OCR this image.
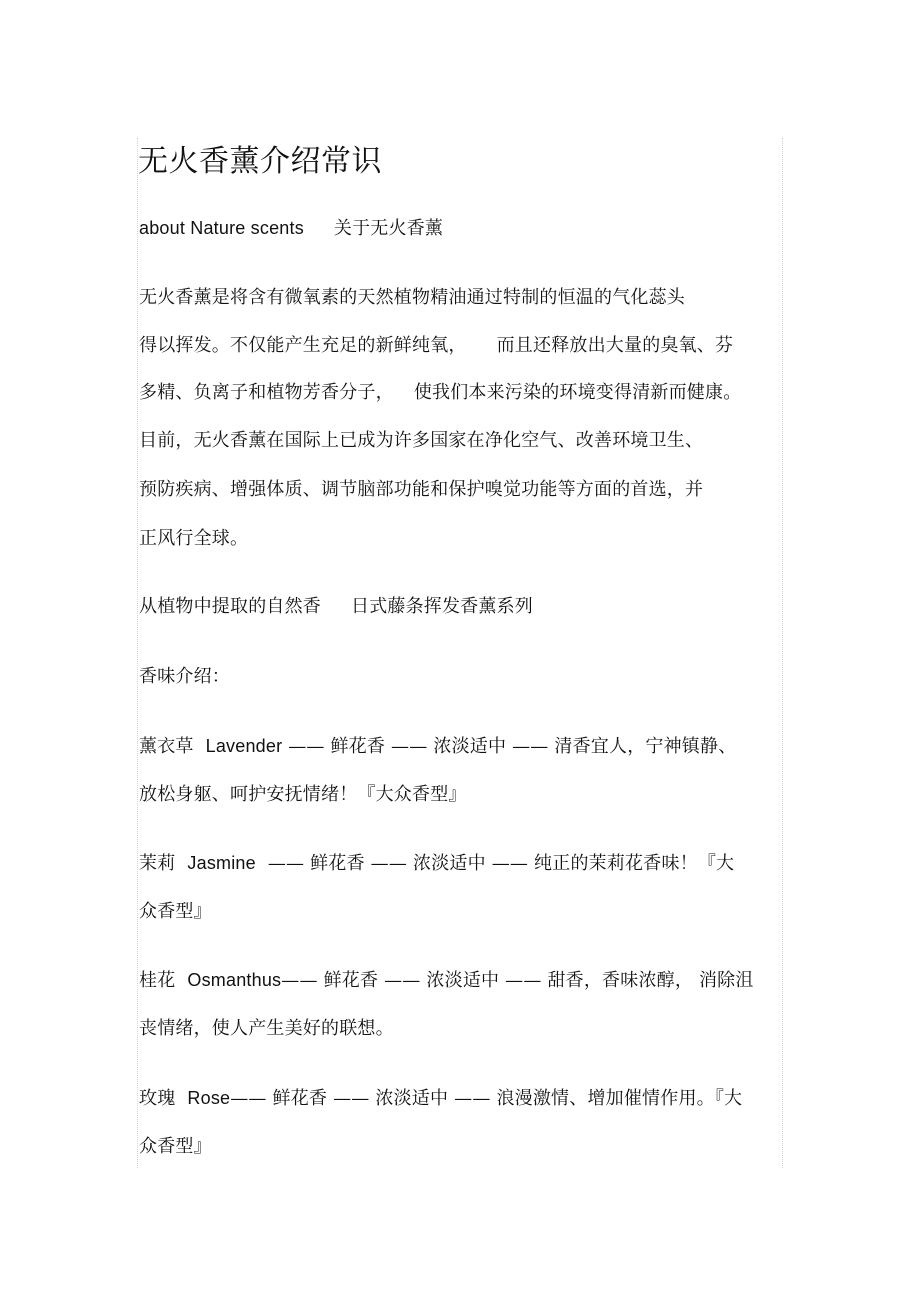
无火香薰介绍常识
about Nature scents 关于无火香薰
无火香薰是将含有微氧素的天然植物精油通过特制的恒温的气化蕊头
得以挥发。不仅能产生充足的新鲜纯氧， 而且还释放出大量的臭氧、芬
多精、负离子和植物芳香分子， 使我们本来污染的环境变得清新而健康。
目前，无火香薰在国际上已成为许多国家在净化空气、改善环境卫生、
预防疾病、增强体质、调节脑部功能和保护嗅觉功能等方面的首选，并
正风行全球。
从植物中提取的自然香 日式藤条挥发香薰系列
香味介绍：
薰衣草 Lavender —— 鲜花香 —— 浓淡适中 —— 清香宜人，宁神镇静、
放松身躯、呵护安抚情绪！『大众香型』
茉莉 Jasmine —— 鲜花香 —— 浓淡适中 —— 纯正的茉莉花香味！『大
众香型』
桂花 Osmanthus—— 鲜花香 —— 浓淡适中 —— 甜香，香味浓醇， 消除沮
丧情绪，使人产生美好的联想。
玫瑰 Rose—— 鲜花香 —— 浓淡适中 —— 浪漫激情、增加催情作用。『大
众香型』
